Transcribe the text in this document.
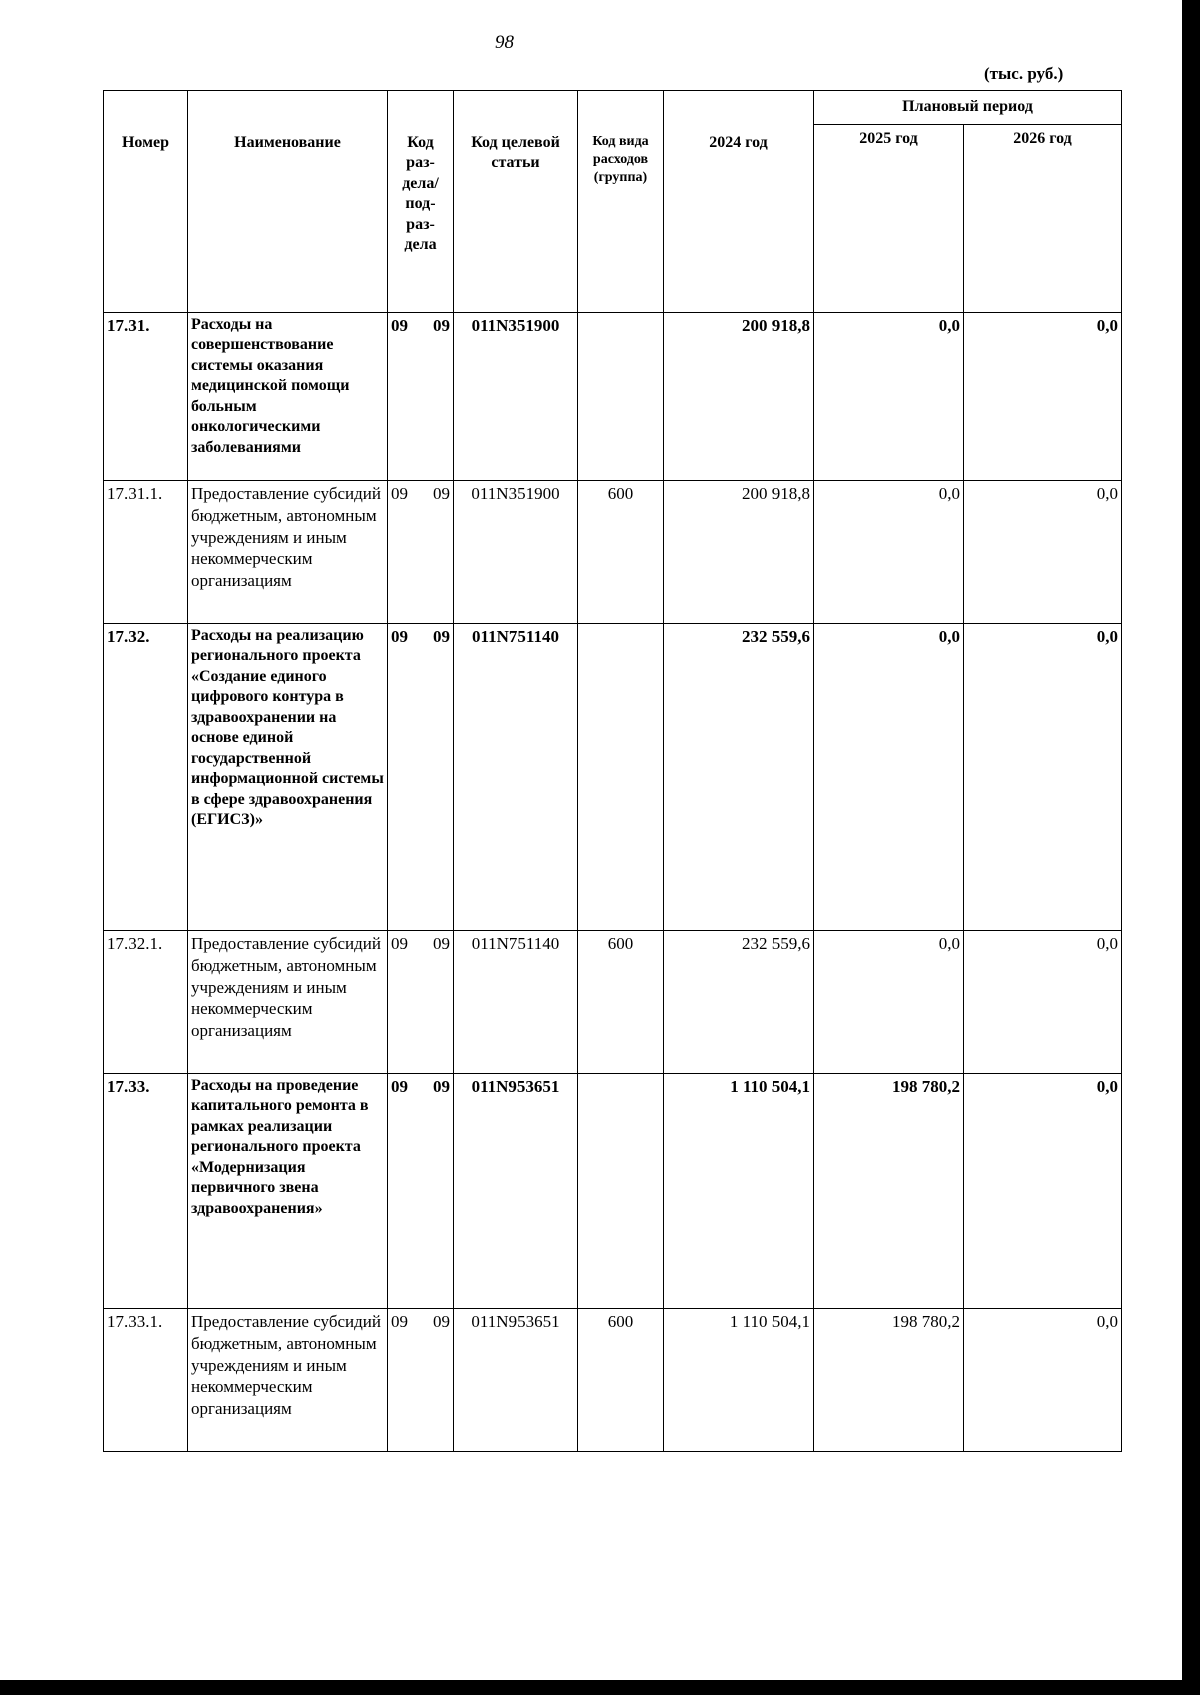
98
(тыс. руб.)
Номер	Наименование	Код раз- дела/ под- раз- дела	Код целевой статьи	Код вида расходов (группа)	2024 год	Плановый период	
						2025 год	2026 год
17.31.	Расходы на совершенствование системы оказания медицинской помощи больным онкологическими заболеваниями	09 09	011N351900		200 918,8	0,0	0,0
17.31.1.	Предоставление субсидий бюджетным, автономным учреждениям и иным некоммерческим организациям	09 09	011N351900	600	200 918,8	0,0	0,0
17.32.	Расходы на реализацию регионального проекта «Создание единого цифрового контура в здравоохранении на основе единой государственной информационной системы в сфере здравоохранения (ЕГИСЗ)»	09 09	011N751140		232 559,6	0,0	0,0
17.32.1.	Предоставление субсидий бюджетным, автономным учреждениям и иным некоммерческим организациям	09 09	011N751140	600	232 559,6	0,0	0,0
17.33.	Расходы на проведение капитального ремонта в рамках реализации регионального проекта «Модернизация первичного звена здравоохранения»	09 09	011N953651		1 110 504,1	198 780,2	0,0
17.33.1.	Предоставление субсидий бюджетным, автономным учреждениям и иным некоммерческим организациям	09 09	011N953651	600	1 110 504,1	198 780,2	0,0
